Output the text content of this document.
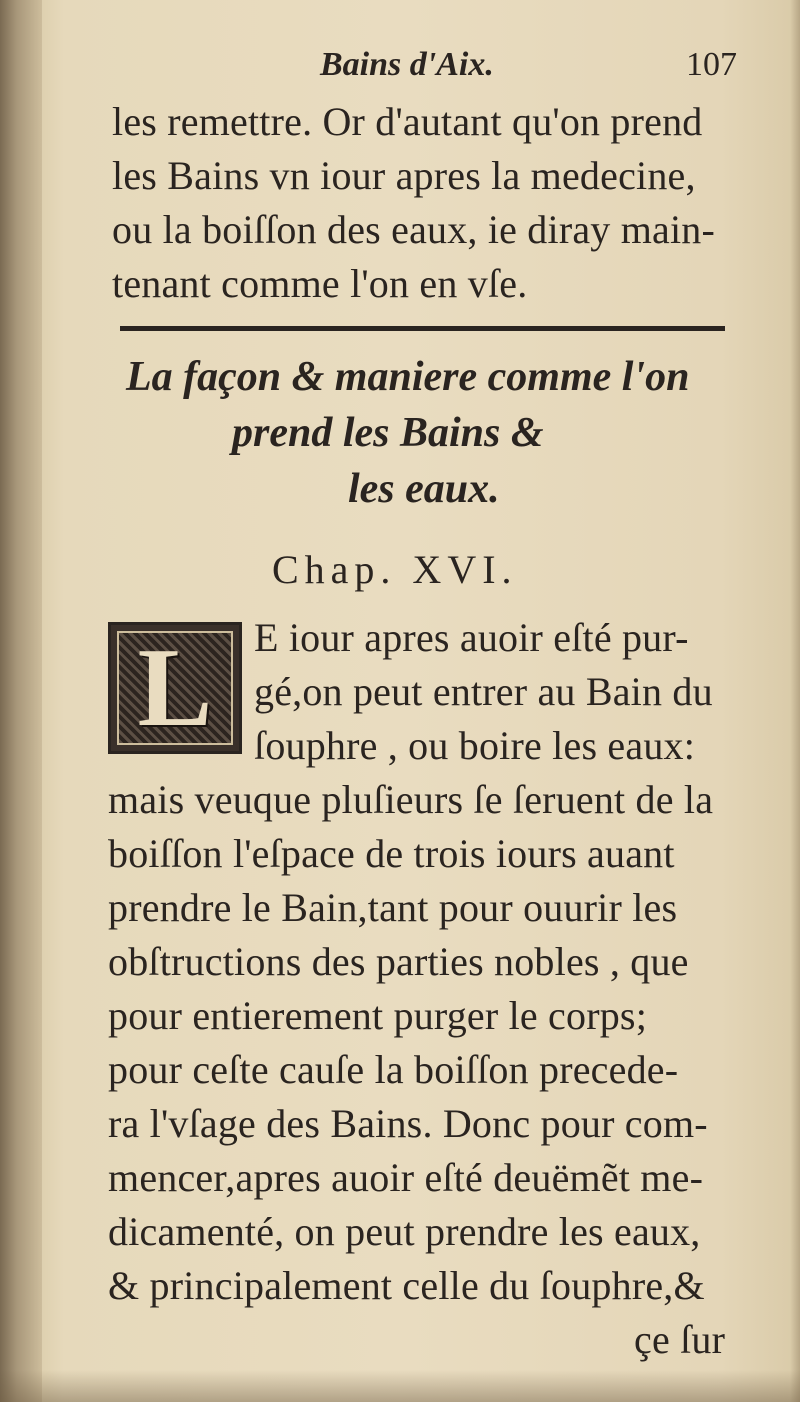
Bains d'Aix.	107
les remettre. Or d'autant qu'on prend
les Bains vn iour apres la medecine,
ou la boiſſon des eaux, ie diray main-
tenant comme l'on en vſe.
La façon & maniere comme l'on
prend les Bains &
les eaux.
Chap. XVI.
L	E iour apres auoir eſté pur-
gé,on peut entrer au Bain du
ſouphre , ou boire les eaux:
mais veuque pluſieurs ſe ſeruent de la
boiſſon l'eſpace de trois iours auant
prendre le Bain,tant pour ouurir les
obſtructions des parties nobles , que
pour entierement purger le corps;
pour ceſte cauſe la boiſſon precede-
ra l'vſage des Bains. Donc pour com-
mencer,apres auoir eſté deuëmẽt me-
dicamenté, on peut prendre les eaux,
& principalement celle du ſouphre,&
çe ſur
